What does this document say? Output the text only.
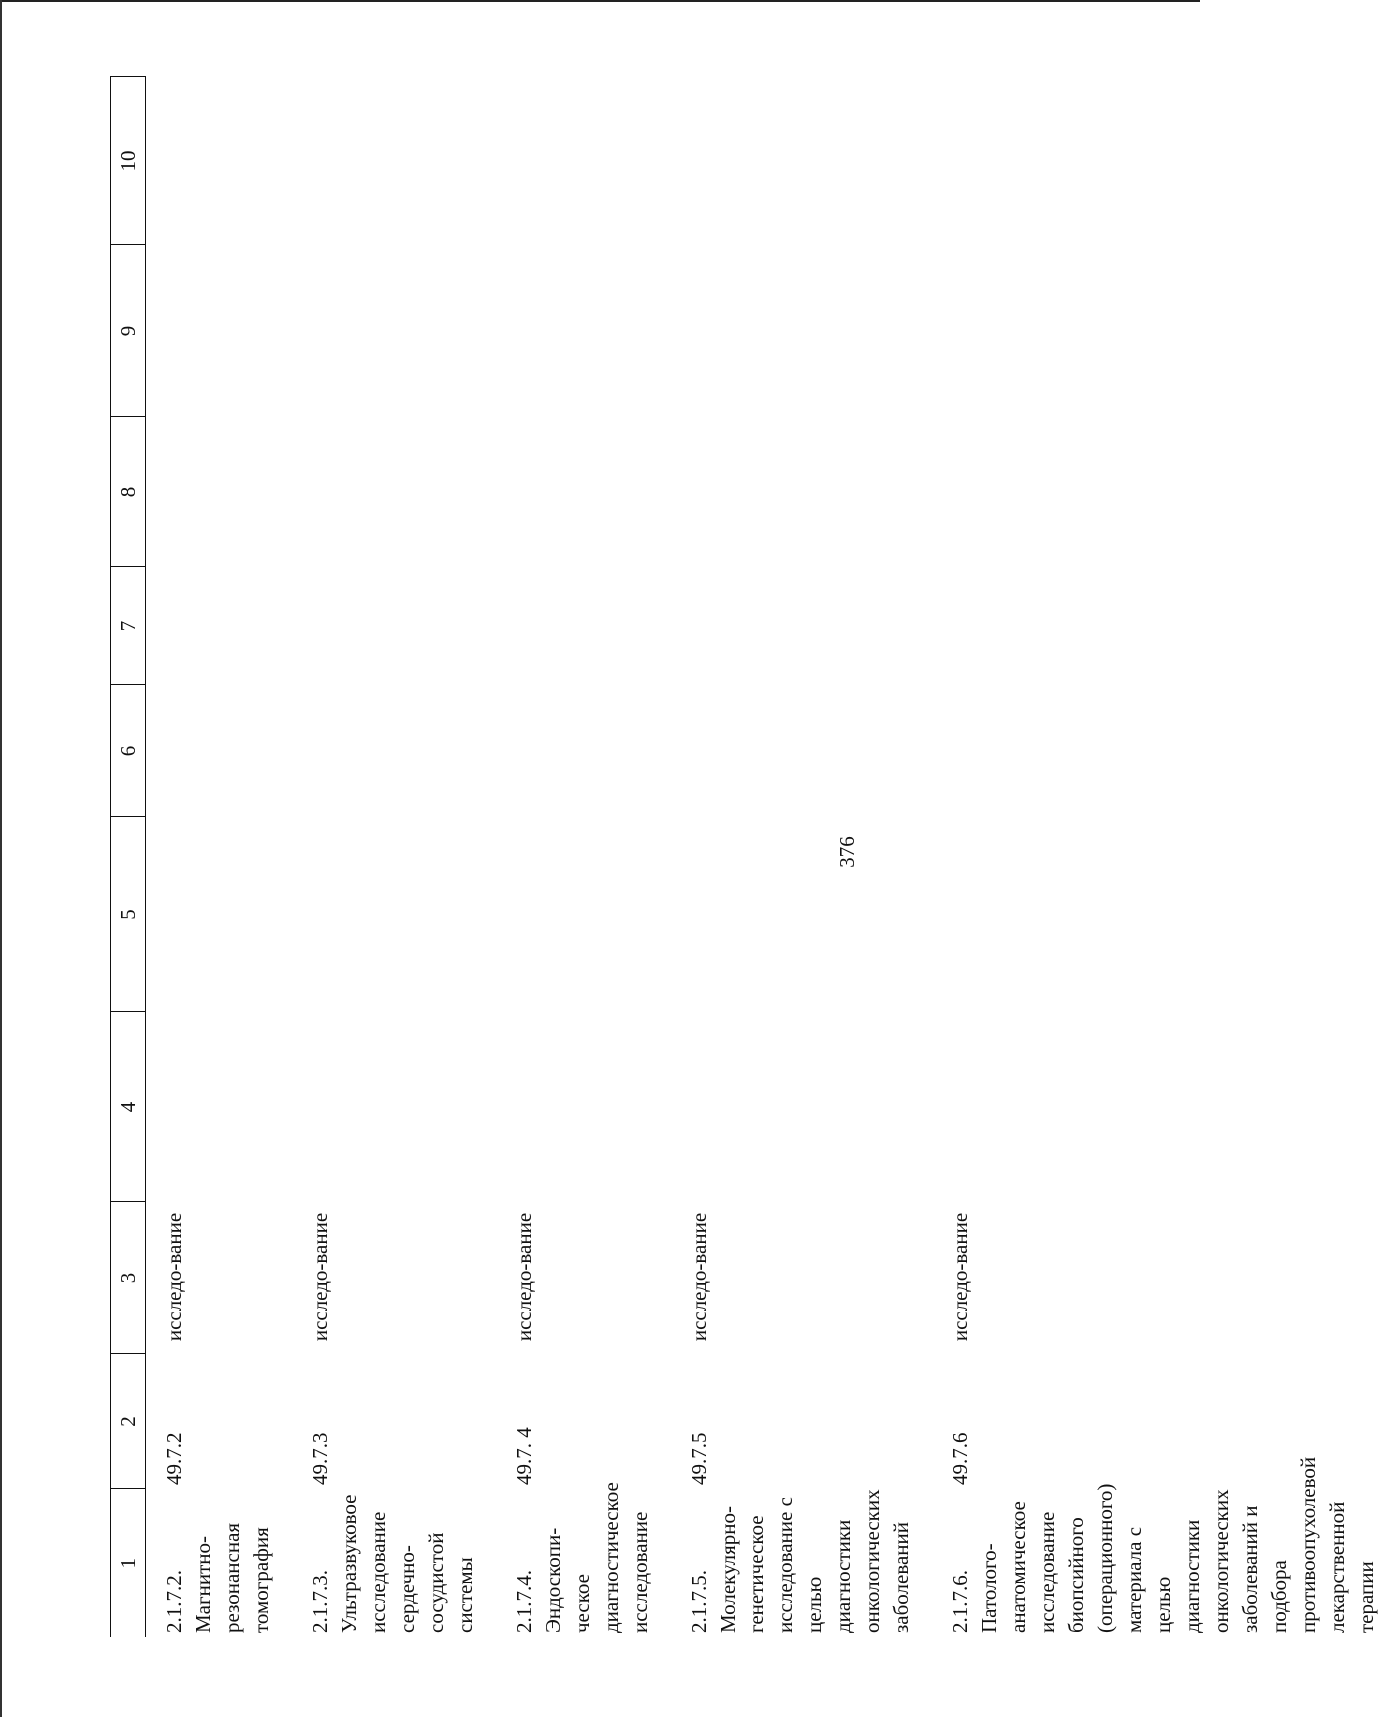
376
1	2	3	4	5	6	7	8	9	10
2.1.7.2. Магнитно-резонансная томография	49.7.2	исследо-вание							
2.1.7.3. Ультразвуковое исследование сердечно-сосудистой системы	49.7.3	исследо-вание							
2.1.7.4. Эндоскопи-ческое диагностическое исследование	49.7. 4	исследо-вание							
2.1.7.5. Молекулярно-генетическое исследование с целью диагностики онкологических заболеваний	49.7.5	исследо-вание							
2.1.7.6. Патолого-анатомическое исследование биопсийного (операционного) материала с целью диагностики онкологических заболеваний и подбора противоопухолевой лекарственной терапии	49.7.6	исследо-вание							
